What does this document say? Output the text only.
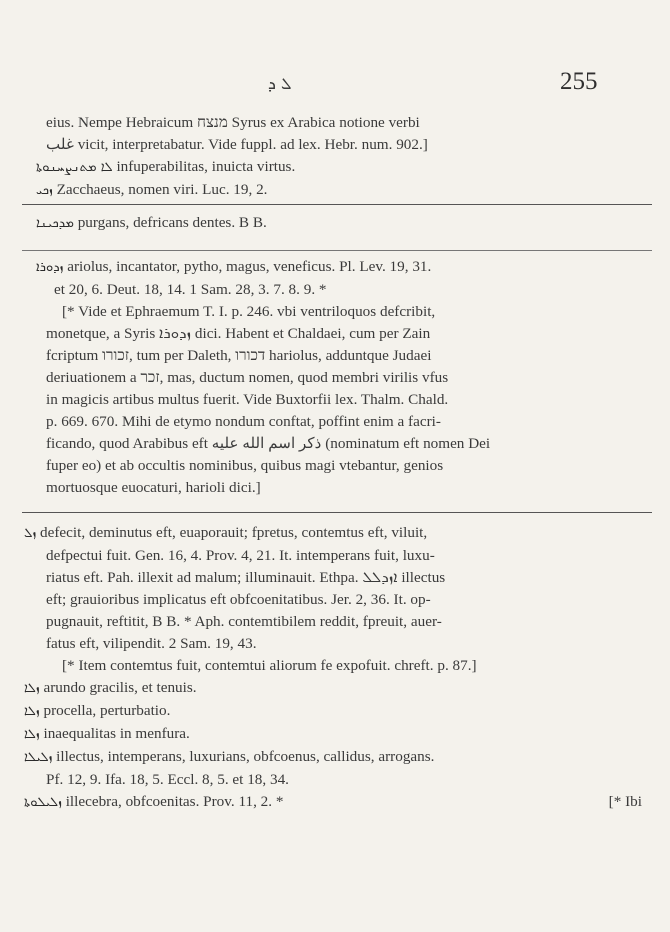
ܠ ܕ	255

eius. Nempe Hebraicum מנצח Syrus ex Arabica notione verbi

ﻏﻠﺐ vicit, interpretabatur. Vide fuppl. ad lex. Hebr. num. 902.]

ܠܐ ܡܬܢܨܚܢܘܬܐ infuperabilitas, inuicta virtus.

ܙܟܝ Zacchaeus, nomen viri. Luc. 19, 2.

ܡܕܟܝܢܐ purgans, defricans dentes. B B.

ܙܕܘܪܐ ariolus, incantator, pytho, magus, veneficus. Pl. Lev. 19, 31.

et 20, 6. Deut. 18, 14. 1 Sam. 28, 3. 7. 8. 9. *

[* Vide et Ephraemum T. I. p. 246. vbi ventriloquos defcribit,

monetque, a Syris ܙܕܘܪܐ dici. Habent et Chaldaei, cum per Zain

fcriptum זכורו, tum per Daleth, דכורו hariolus, adduntque Judaei

deriuationem a זכר, mas, ductum nomen, quod membri virilis vfus

in magicis artibus multus fuerit. Vide Buxtorfii lex. Thalm. Chald.

p. 669. 670. Mihi de etymo nondum conftat, poffint enim a facri-

ficando, quod Arabibus eft ذكر اسم الله عليه (nominatum eft nomen Dei

fuper eo) et ab occultis nominibus, quibus magi vtebantur, genios

mortuosque euocaturi, harioli dici.]

ܙܠ defecit, deminutus eft, euaporauit; fpretus, contemtus eft, viluit,

defpectui fuit. Gen. 16, 4. Prov. 4, 21. It. intemperans fuit, luxu-

riatus eft. Pah. illexit ad malum; illuminauit. Ethpa. ܐܙܕܠܠ illectus

eft; grauioribus implicatus eft obfcoenitatibus. Jer. 2, 36. It. op-

pugnauit, reftitit, B B. * Aph. contemtibilem reddit, fpreuit, auer-

fatus eft, vilipendit. 2 Sam. 19, 43.

[* Item contemtus fuit, contemtui aliorum fe expofuit. chreft. p. 87.]

ܙܠܐ arundo gracilis, et tenuis.

ܙܠܐ procella, perturbatio.

ܙܠܐ inaequalitas in menfura.

ܙܠܝܠܐ illectus, intemperans, luxurians, obfcoenus, callidus, arrogans.

Pf. 12, 9. Ifa. 18, 5. Eccl. 8, 5. et 18, 34.

ܙܠܝܠܘܬܐ illecebra, obfcoenitas. Prov. 11, 2. *	[* Ibi
